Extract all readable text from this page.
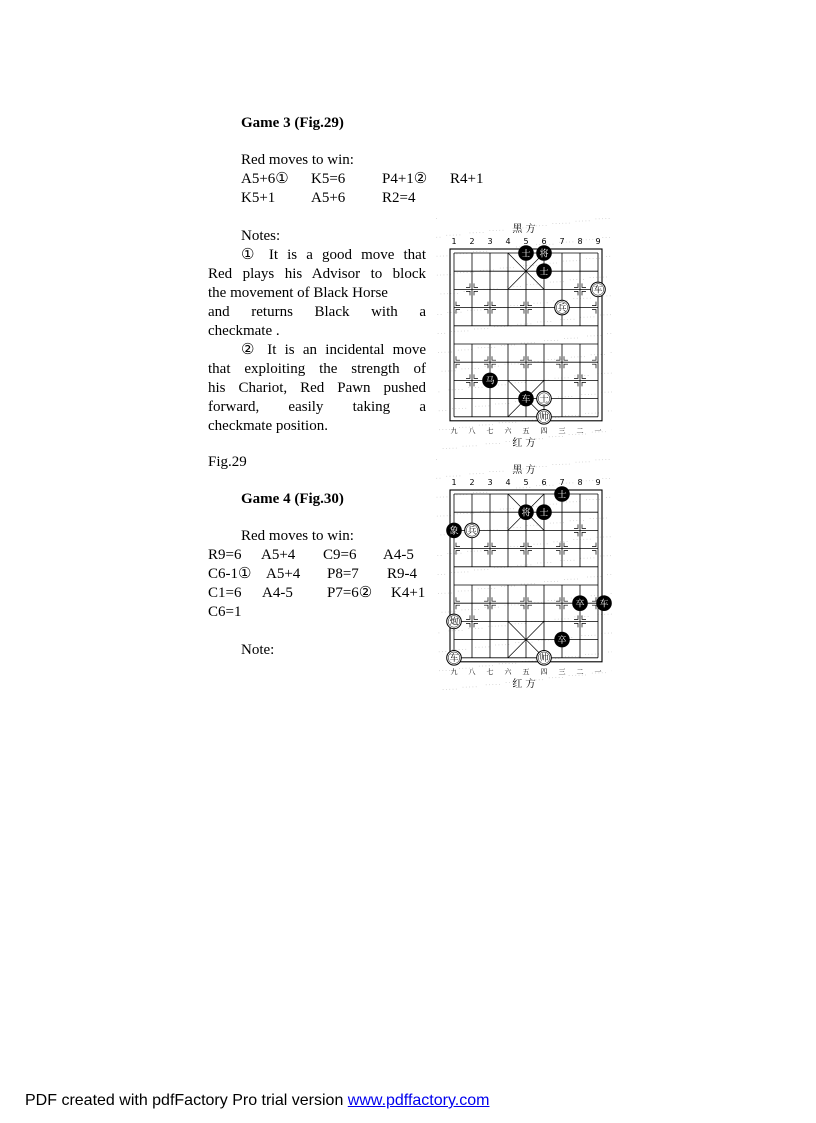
Game 3 (Fig.29)
Red moves to win:
A5+6① K5=6 P4+1② R4+1
K5+1 A5+6 R2=4
Notes:
① It is a good move that
Red plays his Advisor to block
the movement of Black Horse
and returns Black with a
checkmate .
② It is an incidental move
that exploiting the strength of
his Chariot, Red Pawn pushed
forward, easily taking a
checkmate position.
Fig.29
Game 4 (Fig.30)
Red moves to win:
R9=6 A5+4 C9=6 A4-5
C6-1① A5+4 P8=7 R9-4
C1=6 A4-5 P7=6② K4+1
C6=1
Note:
黑 方
1 2 3 4 5 6 7 8 9
九 八 七 六 五 四 三 二 一
红 方
士 将
士
车
兵
马
车 士
帅
黑 方
1 2 3 4 5 6 7 8 9
九 八 七 六 五 四 三 二 一
红 方
士
将 士
象 兵
卒 车
炮
卒
车	帅
PDF created with pdfFactory Pro trial version www.pdffactory.com
